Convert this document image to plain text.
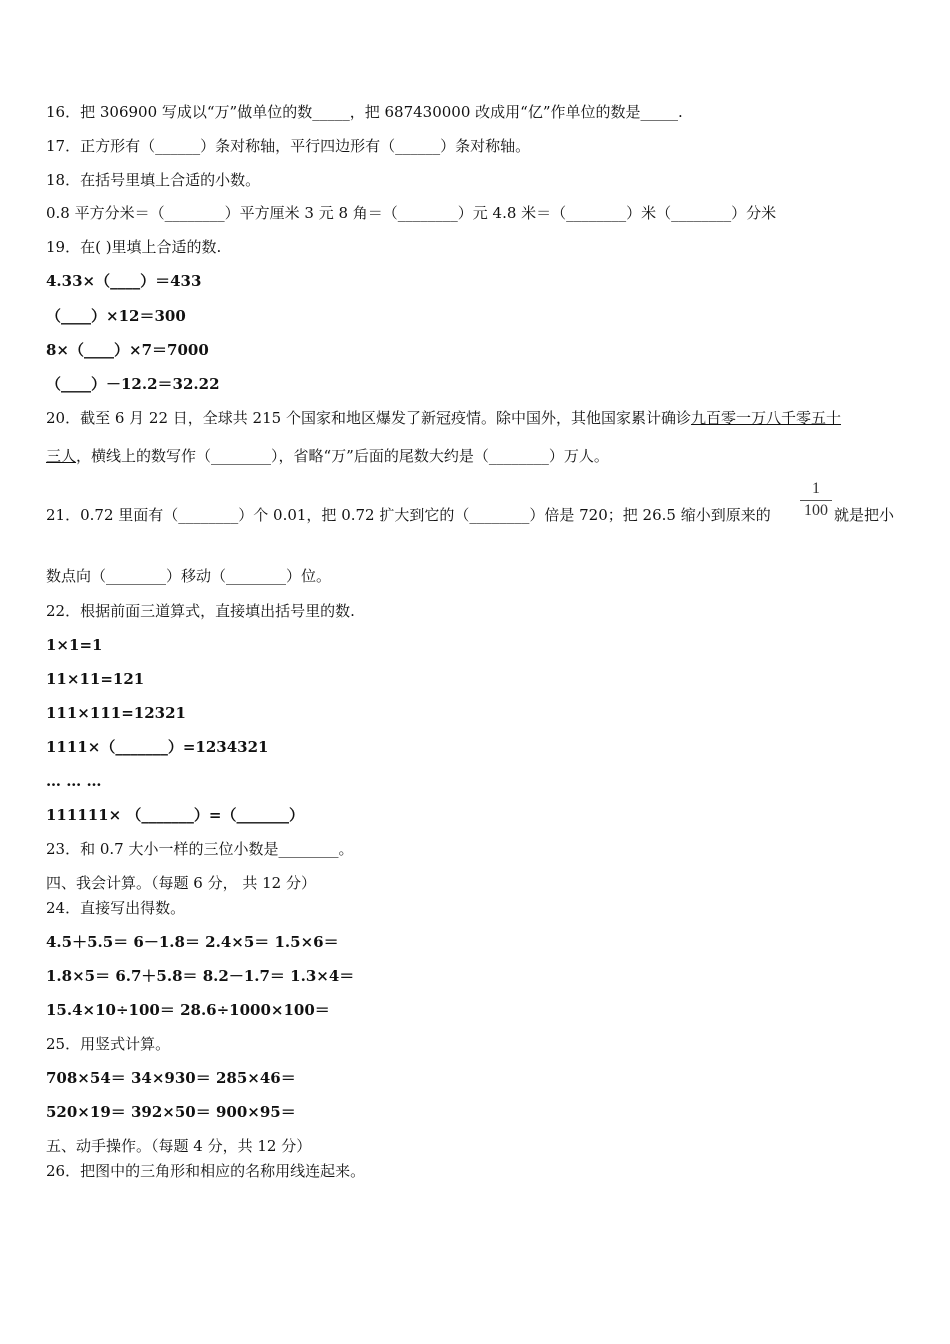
16．把 306900 写成以“万”做单位的数_____，把 687430000 改成用“亿”作单位的数是_____.
17．正方形有（______）条对称轴，平行四边形有（______）条对称轴。
18．在括号里填上合适的小数。
0.8 平方分米＝（________）平方厘米 3 元 8 角＝（________）元 4.8 米＝（________）米（________）分米
19．在( )里填上合适的数.
4.33×（____）＝433
（____）×12＝300
8×（____）×7＝7000
（____）－12.2＝32.22
20．截至 6 月 22 日，全球共 215 个国家和地区爆发了新冠疫情。除中国外，其他国家累计确诊九百零一万八千零五十
三人，横线上的数写作（________），省略“万”后面的尾数大约是（________）万人。
21．0.72 里面有（________）个 0.01，把 0.72 扩大到它的（________）倍是 720；把 26.5 缩小到原来的
1
100 就是把小
数点向（________）移动（________）位。
22．根据前面三道算式，直接填出括号里的数.
1×1=1
11×11=121
111×111=12321
1111×（_______）=1234321
… … …
111111× （_______）=（_______）
23．和 0.7 大小一样的三位小数是________。
四、我会计算。（每题 6 分， 共 12 分）
24．直接写出得数。
4.5＋5.5＝ 6－1.8＝ 2.4×5＝ 1.5×6＝
1.8×5＝ 6.7＋5.8＝ 8.2－1.7＝ 1.3×4＝
15.4×10÷100＝ 28.6÷1000×100＝
25．用竖式计算。
708×54＝ 34×930＝ 285×46＝
520×19＝ 392×50＝ 900×95＝
五、动手操作。（每题 4 分，共 12 分）
26．把图中的三角形和相应的名称用线连起来。
